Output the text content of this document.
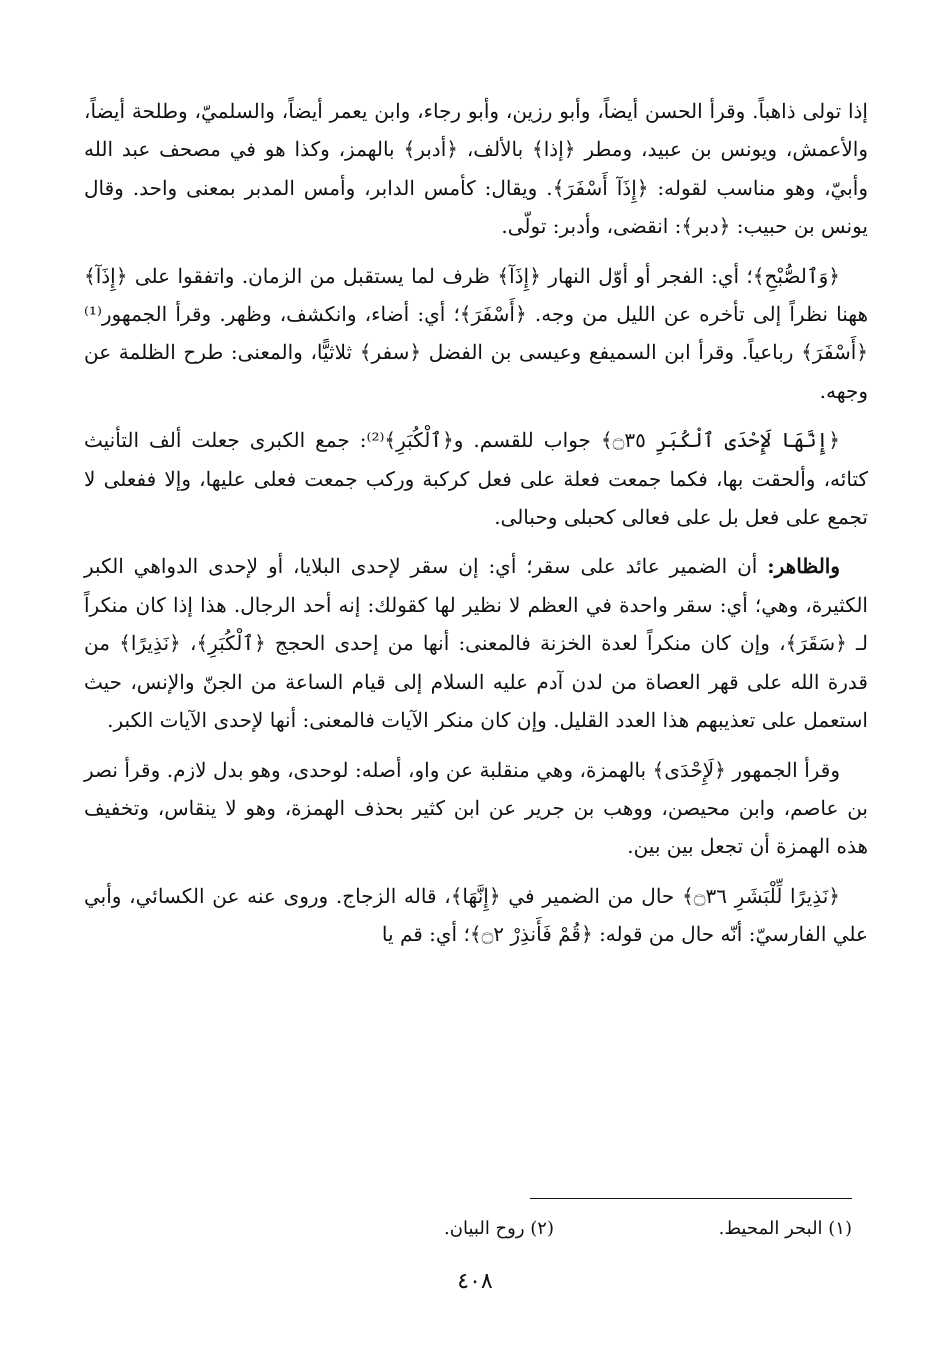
إذا تولى ذاهباً. وقرأ الحسن أيضاً، وأبو رزين، وأبو رجاء، وابن يعمر أيضاً، والسلميّ، وطلحة أيضاً، والأعمش، ويونس بن عبيد، ومطر ﴿إذا﴾ بالألف، ﴿أدبر﴾ بالهمز، وكذا هو في مصحف عبد الله وأبيّ، وهو مناسب لقوله: ﴿إِذَآ أَسْفَرَ﴾. ويقال: كأمس الدابر، وأمس المدبر بمعنى واحد. وقال يونس بن حبيب: ﴿دبر﴾: انقضى، وأدبر: تولّى.

﴿وَٱلصُّبْحِ﴾؛ أي: الفجر أو أوّل النهار ﴿إِذَآ﴾ ظرف لما يستقبل من الزمان. واتفقوا على ﴿إِذَآ﴾ ههنا نظراً إلى تأخره عن الليل من وجه. ﴿أَسْفَرَ﴾؛ أي: أضاء، وانكشف، وظهر. وقرأ الجمهور⁽¹⁾ ﴿أَسْفَرَ﴾ رباعياً. وقرأ ابن السميفع وعيسى بن الفضل ﴿سفر﴾ ثلاثيًّا، والمعنى: طرح الظلمة عن وجهه.

﴿إِنَّهَا لَإِحْدَى ٱلْكُبَرِ ۝٣٥﴾ جواب للقسم. و﴿ٱلْكُبَرِ﴾⁽²⁾: جمع الكبرى جعلت ألف التأنيث كتائه، وألحقت بها، فكما جمعت فعلة على فعل كركبة وركب جمعت فعلى عليها، وإلا ففعلى لا تجمع على فعل بل على فعالى كحبلى وحبالى.

والظاهر: أن الضمير عائد على سقر؛ أي: إن سقر لإحدى البلايا، أو لإحدى الدواهي الكبر الكثيرة، وهي؛ أي: سقر واحدة في العظم لا نظير لها كقولك: إنه أحد الرجال. هذا إذا كان منكراً لـ ﴿سَقَرَ﴾، وإن كان منكراً لعدة الخزنة فالمعنى: أنها من إحدى الحجج ﴿ٱلْكُبَرِ﴾، ﴿نَذِيرًا﴾ من قدرة الله على قهر العصاة من لدن آدم عليه السلام إلى قيام الساعة من الجنّ والإنس، حيث استعمل على تعذيبهم هذا العدد القليل. وإن كان منكر الآيات فالمعنى: أنها لإحدى الآيات الكبر.

وقرأ الجمهور ﴿لَإِحْدَى﴾ بالهمزة، وهي منقلبة عن واو، أصله: لوحدى، وهو بدل لازم. وقرأ نصر بن عاصم، وابن محيصن، ووهب بن جرير عن ابن كثير بحذف الهمزة، وهو لا ينقاس، وتخفيف هذه الهمزة أن تجعل بين بين.

﴿نَذِيرًا لِّلْبَشَرِ ۝٣٦﴾ حال من الضمير في ﴿إِنَّهَا﴾، قاله الزجاج. وروى عنه عن الكسائي، وأبي علي الفارسيّ: أنّه حال من قوله: ﴿قُمْ فَأَنذِرْ ۝٢﴾؛ أي: قم يا

(١) البحر المحيط.
(٢) روح البيان.
٤٠٨
